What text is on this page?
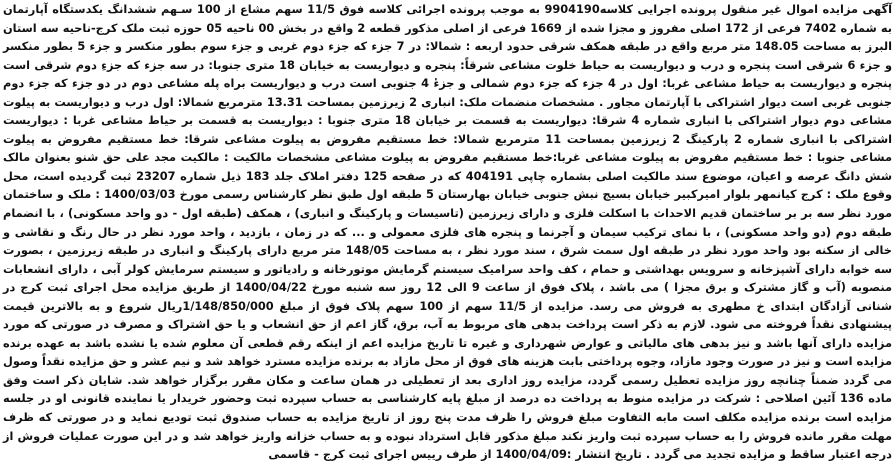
آگهی مزایده اموال غیر منقول پرونده اجرایی کلاسه9904190 به موجب پرونده اجرائی کلاسه فوق 11/5 سهم مشاع از 100 سـهم ششدانگ یکدستگاه آپارتمان به شماره 7402 فرعی از 172 اصلی مفروز و مجزا شده از 1669 فرعی از اصلی مذکور قطعه 2 واقع در بخش 00 ناحیه 05 حوزه ثبت ملک کرج-ناحیه سه استان البرز به مساحت 148.05 متر مربع واقع در طبقه همکف شرقی حدود اربعه : شمالا: در 7 جزء که جزء دوم غربی و جزء سوم بطور منکسر و جزء 5 بطور منکسر و جزء 6 شرقی است پنجره و درب و دیواریست به حیاط خلوت مشاعی شرقاً: پنجره و دیواریست به خیابان 18 متری جنوبا: در سه جزء که جزءِ دوم شرقی است پنجره و دیواریست به حیاط مشاعی غربا: اول در 4 جزء که جزء دوم شمالی و جزءٔ 4 جنوبی است درب و دیواریست براه پله مشاعی دوم در دو جزء که جزء دوم جنوبی غربی است دیوار اشتراکی با آپارتمان مجاور . مشخصات منضمات ملک: انباری 2 زیرزمین بمساحت 13.31 مترمربع شمالا: اول درب و دیواریست به پیلوت مشاعی دوم دیوار اشتراکی با انباری شماره 4 شرقا: دیواریست به قسمت بر خیابان 18 متری جنوبا : دیواریست به قسمت بر حیاط مشاعی غربا : دیواریست اشتراکی با انباری شماره 2 پارکینگ 2 زیرزمین بمساحت 11 مترمربع شمالا: خط مستقیم مفروض به پیلوت مشاعی شرقا: خط مستقیم مفروض به پیلوت مشاعی جنوبا : خط مستقیم مفروض به پیلوت مشاعی غربا:خط مستقیم مفروض به پیلوت مشاعی مشخصات مالکیت : مالکیت مجد علی حق شنو بعنوان مالک شش دانگ عرصه و اعیان، موضوع سند مالکیت اصلی بشماره چاپی 404191 که در صفحه 125 دفتر املاک جلد 183 ذیل شماره 23207 ثبت گردیده است، محل وقوع ملک : کرج کیانمهر بلوار امیرکبیر خیابان بسیج نبش جنوبی خیابان بهارستان 5 طبقه اول طبق نظر کارشناس رسمی مورخ 1400/03/03 : ملک و ساختمان مورد نظر سه بر بر ساختمان قدیم الاحداث با اسکلت فلزی و دارای زیرزمین (تاسیسات و پارکینگ و انباری) ، همکف (طبقه اول - دو واحد مسکونی) ، با انضمام طبقه دوم (دو واحد مسکونی) ، با نمای ترکیب سیمان و آجرنما و پنجره های فلزی معمولی و ... که در زمان ، بازدید ، واحد مورد نظر در حال رنگ و نقاشی و خالی از سکنه بود واحد مورد نظر در طبقه اول سمت شرق ، سند مورد نظر ، به مساحت 148/05 متر مربع دارای پارکینگ و انباری در طبقه زیرزمین ، بصورت سه خوابه دارای آشپزخانه و سرویس بهداشتی و حمام ، کف واحد سرامیک سیستم گرمایش موتورخانه و رادیاتور و سیستم سرمایش کولر آبی ، دارای انشعابات منصوبه (آب و گاز مشترک و برق مجزا ) می باشد ، پلاک فوق از ساعت 9 الی 12 روز سه شنبه مورخ 1400/04/22 از طریق مزایده محل اجرای ثبت کرج در شنانی آزادگان ابتدای خ مطهری به فروش می رسد. مزایده از 11/5 سهم از 100 سهم پلاک فوق از مبلغ 1/148/850/000ریال شروع و به بالاترین قیمت پیشنهادی نقداً فروخته می شود. لازم به ذکر است پرداخت بدهی های مربوط به آب، برق، گاز اعم از حق انشعاب و یا حق اشتراک و مصرف در صورتی که مورد مزایده دارای آنها باشد و نیز بدهی های مالیاتی و عوارض شهرداری و غیره تا تاریخ مزایده اعم از اینکه رقم قطعی آن معلوم شده یا نشده باشد به عهده برنده مزایده است و نیز در صورت وجود مازاد، وجوه پرداختی بابت هزینه های فوق از محل مازاد به برنده مزایده مسترد خواهد شد و نیم عشر و حق مزایده نقداً وصول می گردد ضمناً چنانچه روز مزایده تعطیل رسمی گردد، مزایده روز اداری بعد از تعطیلی در همان ساعت و مکان مقرر برگزار خواهد شد. شایان ذکر است وفق ماده 136 آئین اصلاحی : شرکت در مزایده منوط به پرداخت ده درصد از مبلغ پایه کارشناسی به حساب سپرده ثبت وحضور خریدار یا نماینده قانونی او در جلسه مزایده است برنده مزایده مکلف است مابه التفاوت مبلغ فروش را ظرف مدت پنج روز از تاریخ مزایده به حساب صندوق ثبت تودیع نماید و در صورتی که ظرف مهلت مقرر مانده فروش را به حساب سپرده ثبت واریز نکند مبلغ مذکور قابل استرداد نبوده و به حساب خزانه واریز خواهد شد و در این صورت عملیات فروش از درجه اعتبار ساقط و مزایده تجدید می گردد . تاریخ انتشار :1400/04/09 از طرف رییس اجرای ثبت کرج - قاسمی
